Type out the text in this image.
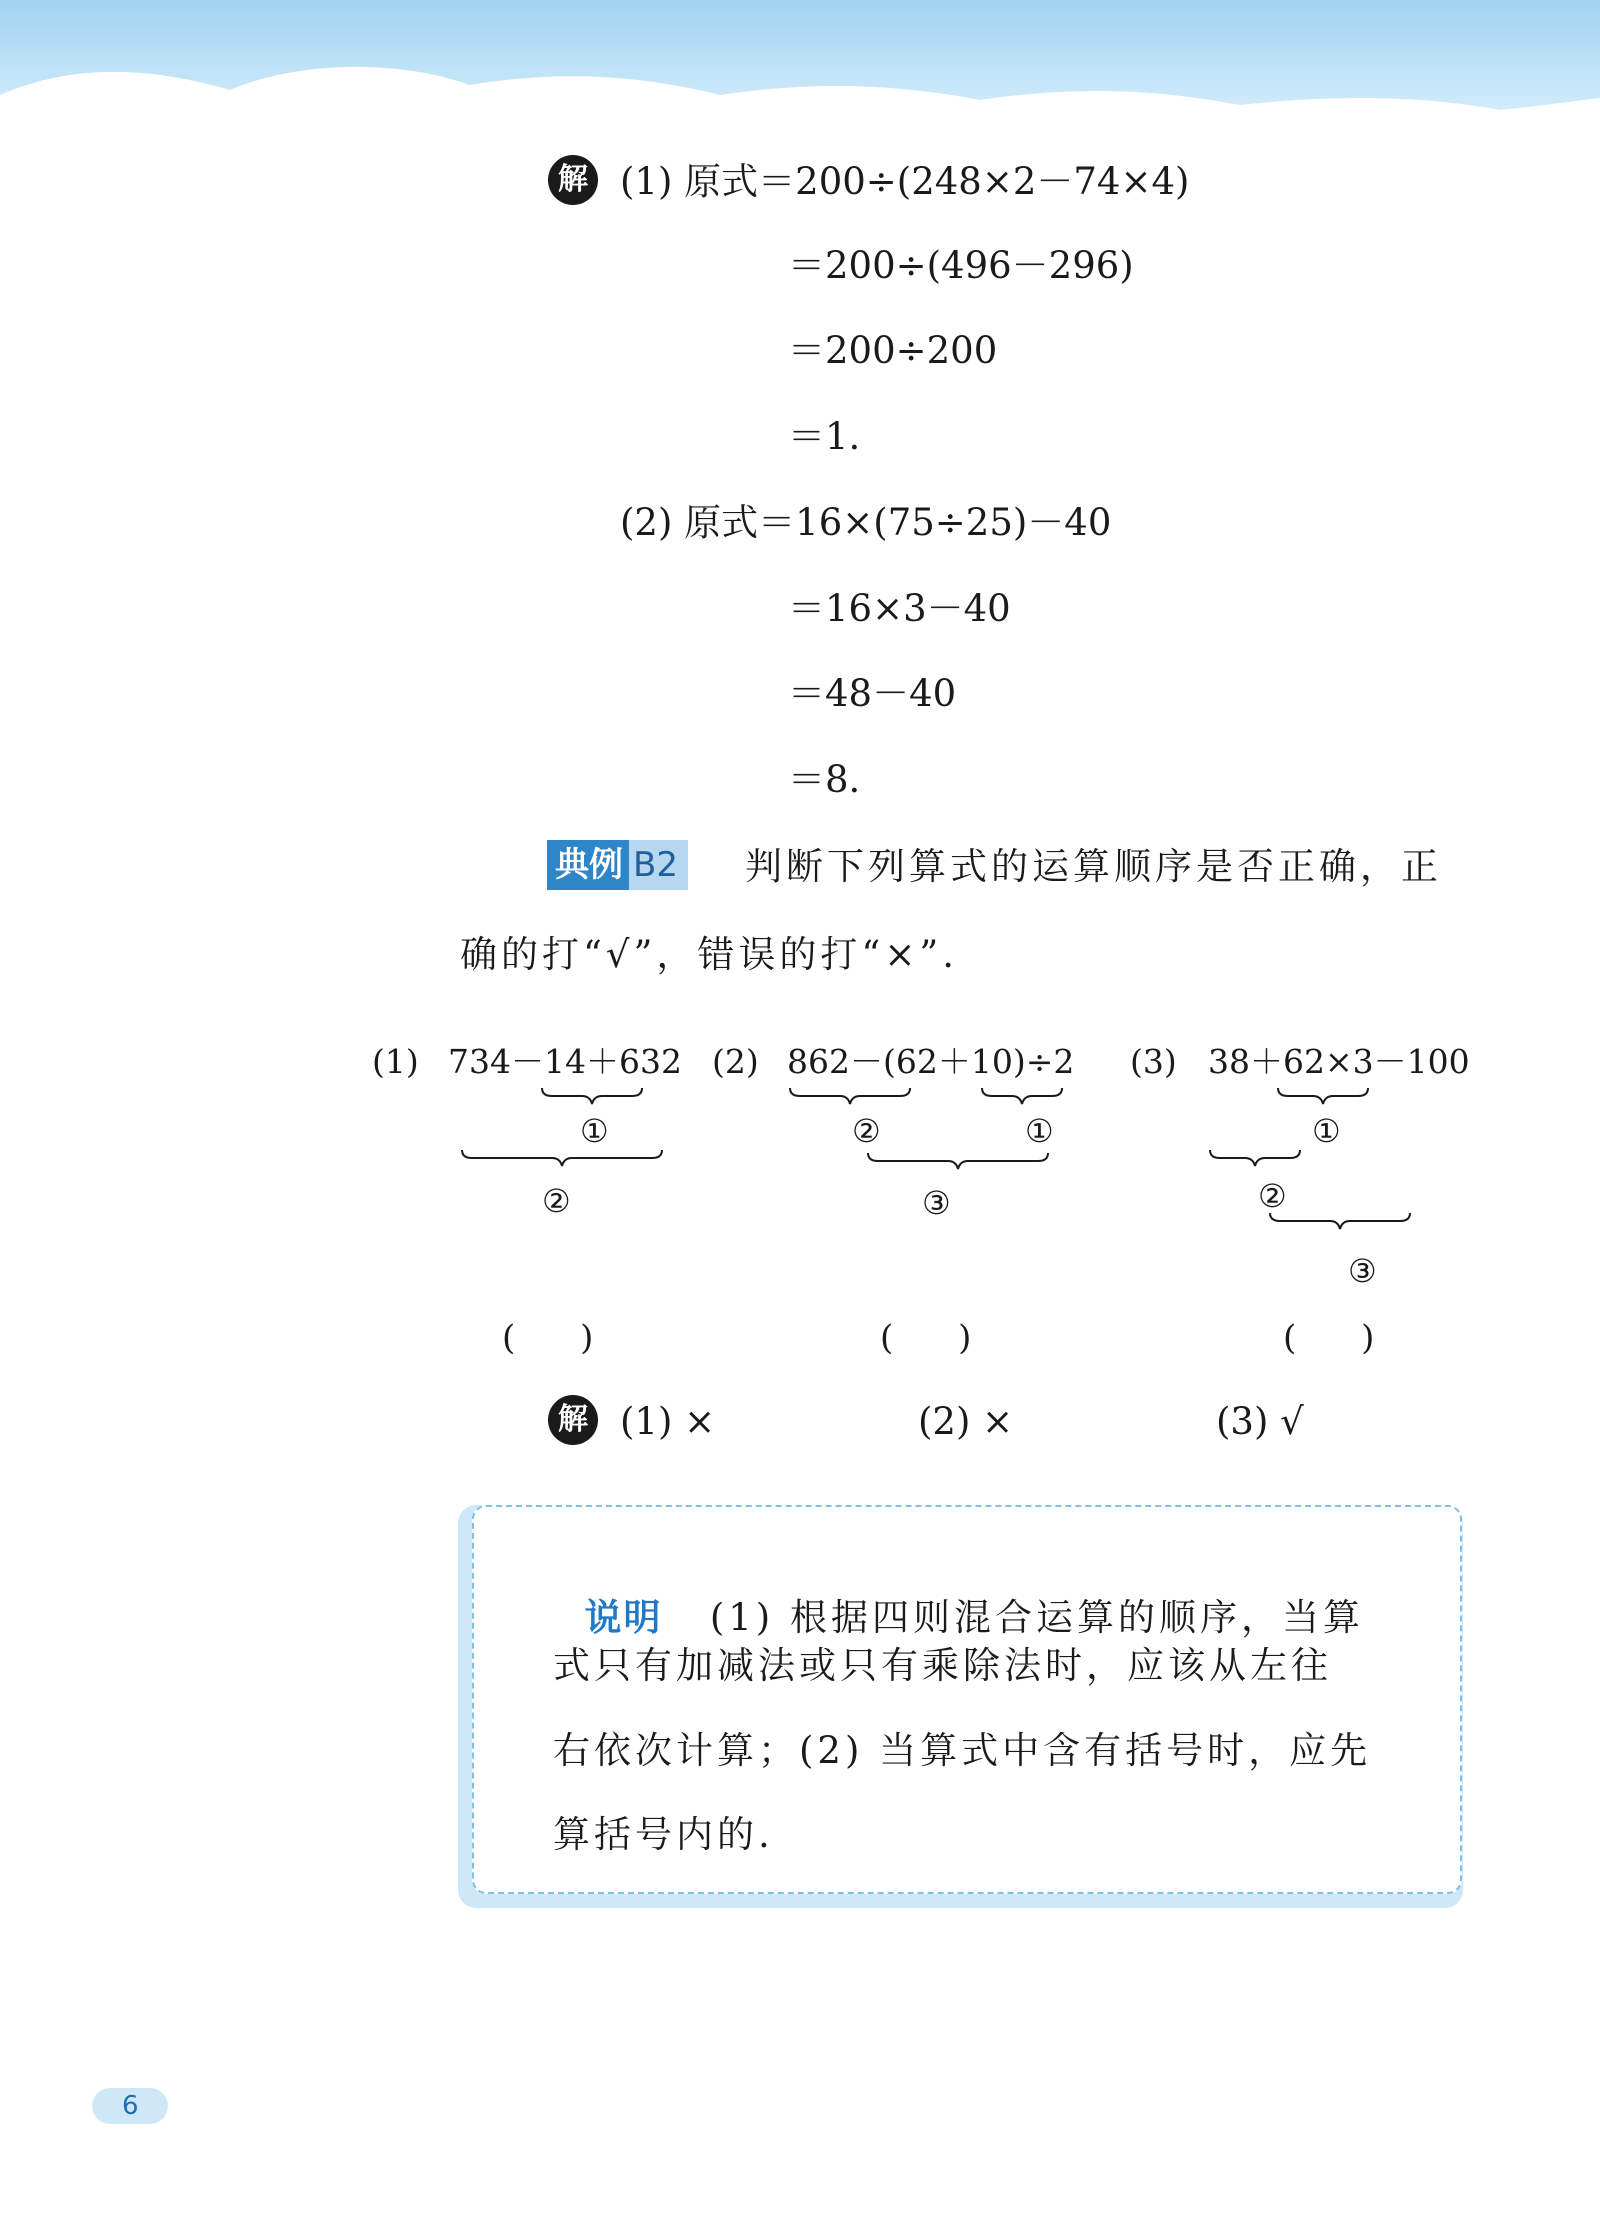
解 (1) 原式＝200÷(248×2－74×4)
＝200÷(496－296)
＝200÷200
＝1.
(2) 原式＝16×(75÷25)－40
＝16×3－40
＝48－40
＝8.
典例 B2 判断下列算式的运算顺序是否正确，正
确的打“√”，错误的打“×”.
(1) 734－14＋632 (2) 862－(62＋10)÷2 (3) 38＋62×3－100
①
②
②	①
③
①
②
③
(      )	(      )	(      )
解 (1) ×	(2) ×	(3) √

说明 (1) 根据四则混合运算的顺序，当算

式只有加减法或只有乘除法时，应该从左往
右依次计算；(2) 当算式中含有括号时，应先
算括号内的.
6
